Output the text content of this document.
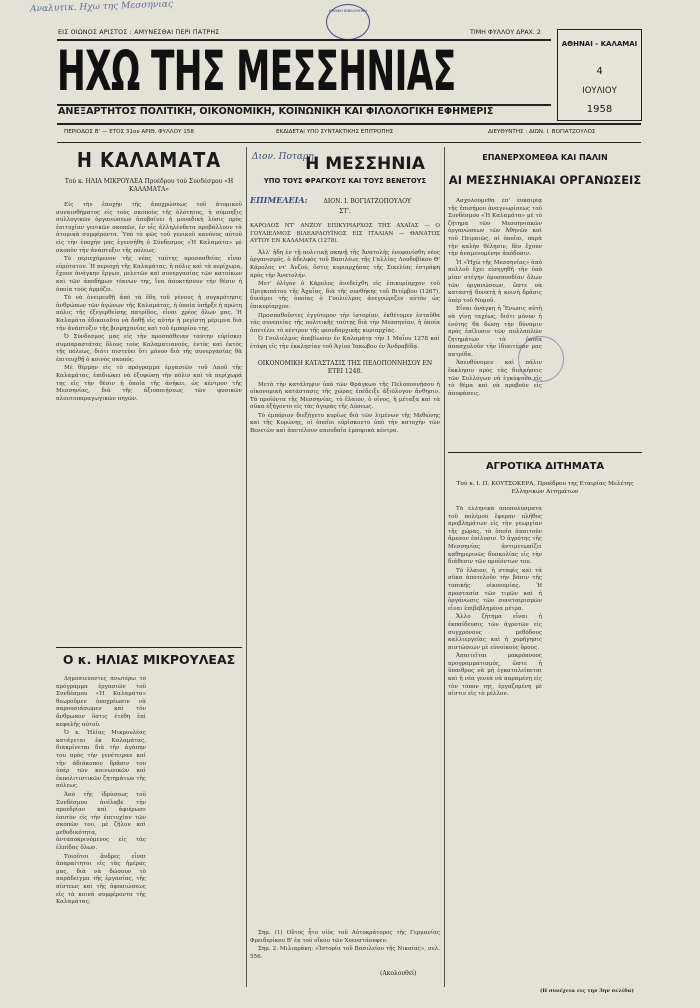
Αναλυτικ. Ηχω της Μεσσηνιας
ΕΙΣ ΟΙΩΝΟΣ ΑΡΙΣΤΟΣ : ΑΜΥΝΕΣΘΑΙ ΠΕΡΙ ΠΑΤΡΗΣ	ΤΙΜΗ ΦΥΛΛΟΥ ΔΡΑΧ. 2
ΕΘΝΙΚΗ ΒΙΒΛΙΟΘΗΚΗ
ΗΧΩ ΤΗΣ ΜΕΣΣΗΝΙΑΣ	ΑΘΗΝΑΙ - ΚΑΛΑΜΑΙ
4
ΙΟΥΛΙΟΥ
1958
ΑΝΕΞΑΡΤΗΤΟΣ ΠΟΛΙΤΙΚΗ, ΟΙΚΟΝΟΜΙΚΗ, ΚΟΙΝΩΝΙΚΗ ΚΑΙ ΦΙΛΟΛΟΓΙΚΗ ΕΦΗΜΕΡΙΣ
ΠΕΡΙΟΔΟΣ Β' — ΕΤΟΣ 31ον ΑΡΙΘ. ΦΥΛΛΟΥ 158	ΕΚΔΙΔΕΤΑΙ ΥΠΟ ΣΥΝΤΑΚΤΙΚΗΣ ΕΠΙΤΡΟΠΗΣ	ΔΙΕΥΘΥΝΤΗΣ : ΔΙΩΝ. Ι. ΒΟΓΙΑΤΖΟΥΛΟΣ
Η ΚΑΛΑΜΑΤΑ
Τού κ. ΗΛΙΑ ΜΙΚΡΟΥΛΕΑ Προέδρου τού Συνδέσμου «Η ΚΑΛΑΜΑΤΑ»

Εἰς τὴν ἐποχὴν τῆς ἀποχρώσεως τοῦ ἀτομικοῦ συναισθήματος εἰς τοὺς σκοποὺς τῆς ὁλότητος, ἡ σύμπηξις συλλογικῶν ὀργανώσεων ἀποβαίνει ἡ μοναδικὴ λύσις πρὸς ἐπιτυχίαν γενικῶν σκοπῶν, ἐν οἷς ἀλληλένδετα προβάλλουν τὰ ἀτομικὰ συμφέροντα. Ὑπὸ τὸ φῶς τοῦ γενικοῦ κανόνος αὐτοῦ εἰς τὴν ἐποχήν μας ἐγεννήθη ὁ Σύνδεσμος «Ἡ Καλαμάτα» μὲ σκοπὸν τὴν ἀνάπτυξιν τῆς πόλεως.

Τὸ περιεχόμενον τῆς νέας ταύτης προσπαθείας εἶναι εὐρύτατον. Ἡ περιοχὴ τῆς Καλαμάτας, ἡ πόλις καὶ τὰ περίχωρα, ἔχουν ἀνάγκην ἔργων, μελετῶν καὶ συνεργασίας τῶν κατοίκων καὶ τῶν ἀποδήμων τέκνων της, ἵνα ἀποκτήσουν τὴν θέσιν ἡ ὁποία τοὺς ἁρμόζει.

Τὸ νὰ ὀνειρευθῇ ἀπὸ τὰ ἔδη τοῦ γένους ἡ συγκρότησις ἀνθρώπων τῶν ἀγώνων τῆς Καλαμάτας, ἡ ὁποία ὑπῆρξε ἡ πρώτη πόλις τῆς ἐξεγερθείσης πατρίδος, εἶναι χρέος ὅλων μας. Ἡ Καλαμάτα ἐδικαιοῦτο νὰ δοθῇ εἰς αὐτὴν ἡ μεγίστη μέριμνα διὰ τὴν ἀνάπτυξιν τῆς βιομηχανίας καὶ τοῦ ἐμπορίου της.

Ὁ Σύνδεσμος μας εἰς τὴν προσπάθειαν ταύτην εὑρίσκει συμπαραστάτας ὅλους τοὺς Καλαματιανούς, ἐντὸς καὶ ἐκτὸς τῆς πόλεως, διότι πιστεύει ὅτι μόνον διὰ τῆς συνεργασίας θὰ ἐπιτευχθῇ ὁ κοινὸς σκοπός.

Μὲ θέρμην εἰς τὸ πρόγραμμα ἐργασιῶν τοῦ Λαοῦ τῆς Καλαμάτας, ἐπιδιώκει νὰ ἐξυψώσῃ τὴν πόλιν καὶ τὰ περίχωρά της εἰς τὴν θέσιν ἡ ὁποία τῆς ἀνήκει, ὡς κέντρον τῆς Μεσσηνίας, διὰ τῆς ἀξιοποιήσεως τῶν φυσικῶν πλουτοπαραγωγικῶν πηγῶν.

Ο κ. ΗΛΙΑΣ ΜΙΚΡΟΥΛΕΑΣ

Δημοσιεύοντες ἀνωτέρω τὸ πρόγραμμα ἐργασιῶν τοῦ Συνδέσμου «Ἡ Καλαμάτα» θεωροῦμεν ὑποχρέωσιν νὰ παρουσιάσωμεν καὶ τὸν ἄνθρωπον ὅστις ἐτέθη ἐπὶ κεφαλῆς αὐτοῦ.

Ὁ κ. Ἠλίας Μικρουλέας κατάγεται ἐκ Καλαμάτας, διακρίνεται διὰ τὴν ἀγάπην του πρὸς τὴν γενέτειραν καὶ τὴν ἀδιάκοπον δρᾶσιν του ὑπὲρ τῶν κοινωνικῶν καὶ ἐκπολιτιστικῶν ζητημάτων τῆς πόλεως.

Ἀπὸ τῆς ἱδρύσεως τοῦ Συνδέσμου ἀνέλαβε τὴν προεδρίαν καὶ ἀφιέρωσε ἑαυτὸν εἰς τὴν ἐπιτυχίαν τῶν σκοπῶν του, μὲ ζῆλον καὶ μεθοδικότητα, ἀνταποκρινόμενος εἰς τὰς ἐλπίδας ὅλων.

Τοιοῦτοι ἄνδρες εἶναι ἀπαραίτητοι εἰς τὰς ἡμέρας μας, διὰ νὰ δώσουν τὸ παράδειγμα τῆς ἐργασίας, τῆς πίστεως καὶ τῆς ἀφοσιώσεως εἰς τὰ κοινὰ συμφέροντα τῆς Καλαμάτας.

Διον. Ποταρη
Η ΜΕΣΣΗΝΙΑ
ΥΠΟ ΤΟΥΣ ΦΡΑΓΚΟΥΣ ΚΑΙ ΤΟΥΣ ΒΕΝΕΤΟΥΣ
ΕΠΙΜΕΛΕΙΑ:	ΔΙΟΝ. Ι. ΒΟΓΙΑΤΖΟΠΟΥΛΟΥ
ΣΤ'.
ΚΑΡΟΛΟΣ ΝΤ' ΑΝΖΟΥ ΕΠΙΚΥΡΙΑΡΧΟΣ ΤΗΣ ΑΧΑΪΑΣ — Ο ΓΟΥΛΙΕΛΜΟΣ ΒΙΛΕΑΡΔΟΥΪΝΟΣ ΕΙΣ ΙΤΑΛΙΑΝ — ΘΑΝΑΤΟΣ ΑΥΤΟΥ ΕΝ ΚΑΛΑΜΑΤΑ (1278).

Ἀλλ' ἤδη ἐν τῇ πολιτικῇ σκηνῇ τῆς Ἀνατολῆς ἐνεφανίσθη νέος ὀργανισμός, ὁ ἀδελφὸς τοῦ Βασιλέως τῆς Γαλλίας Λουδοβίκου Θ' Κάρολος ντ' Ἀνζού, ὅστις κυριαρχήσας τῆς Σικελίας ἐστράφη πρὸς τὴν Ἀνατολήν.

Μετ' ὀλίγον ὁ Κάρολος ἀνεδείχθη εἰς ἐπικυρίαρχον τοῦ Πριγκιπάτου τῆς Ἀχαΐας, διὰ τῆς συνθήκης τοῦ Βιτέρβου (1267), δυνάμει τῆς ὁποίας ὁ Γουλιέλμος ἀνεγνώριζεν αὐτὸν ὡς ἐπικυρίαρχον.

Προσπαθοῦντες ἐγγύτερον τὴν ἱστορίαν, ἐκθέτομεν ἐνταῦθα τὰς συνεπείας τῆς πολιτικῆς ταύτης διὰ τὴν Μεσσηνίαν, ἡ ὁποία ἀπετέλει τὸ κέντρον τῆς φεουδαρχικῆς κυριαρχίας.

Ὁ Γουλιέλμος ἀπεβίωσεν ἐν Καλαμάτᾳ τὴν 1 Μαΐου 1278 καὶ ἐτάφη εἰς τὴν ἐκκλησίαν τοῦ Ἁγίου Ἰακώβου ἐν Ἀνδραβίδᾳ.

ΟΙΚΟΝΟΜΙΚΗ ΚΑΤΑΣΤΑΣΙΣ ΤΗΣ ΠΕΛΟΠΟΝΝΗΣΟΥ ΕΝ ΕΤΕΙ 1248.

Μετὰ τὴν κατάληψιν ὑπὸ τῶν Φράγκων τῆς Πελοποννήσου ἡ οἰκονομικὴ κατάστασις τῆς χώρας ἐπέδειξε ἀξιόλογον ἄνθησιν. Τὰ προϊόντα τῆς Μεσσηνίας, τὸ ἔλαιον, ὁ οἶνος, ἡ μέταξα καὶ τὰ σῦκα ἐξήγοντο εἰς τὰς ἀγορὰς τῆς Δύσεως.

Τὸ ἐμπόριον διεξήγετο κυρίως διὰ τῶν λιμένων τῆς Μεθώνης καὶ τῆς Κορώνης, οἱ ὁποῖοι εὑρίσκοντο ὑπὸ τὴν κατοχὴν τῶν Βενετῶν καὶ ἀπετέλουν σπουδαῖα ἐμπορικὰ κέντρα.

Σημ. (1) Οὕτος ἦτο υἱὸς τοῦ Αὐτοκράτορος τῆς Γερμανίας Φρειδερίκου Β' ἐκ τοῦ οἴκου τῶν Χοενστάουφεν.

Σημ. 2. Μιλιαράκη: «Ἱστορία τοῦ Βασιλείου τῆς Νικαίας», σελ. 556.

(Ακολουθεί)
ΕΠΑΝΕΡΧΟΜΕΘΑ ΚΑΙ ΠΑΛΙΝ
ΑΙ ΜΕΣΣΗΝΙΑΚΑΙ ΟΡΓΑΝΩΣΕΙΣ

Ἀσχολούμεθα ἐπ' εὐκαιρίᾳ τῆς ἐπισήμου ἀναγνωρίσεως τοῦ Συνδέσμου «Ἡ Καλαμάτα» μὲ τὸ ζήτημα τῶν Μεσσηνιακῶν ὀργανώσεων τῶν Ἀθηνῶν καὶ τοῦ Πειραιῶς, αἱ ὁποῖαι, παρὰ τὴν καλὴν θέλησιν, δὲν ἔχουν τὴν ἀναμενομένην ἀπόδοσιν.

Ἡ «Ἠχὼ τῆς Μεσσηνίας» ἀπὸ πολλοῦ ἔχει εἰσηγηθῆ τὴν ὑπὸ μίαν στέγην ὁμοσπονδίαν ὅλων τῶν ὀργανώσεων, ὥστε νὰ καταστῇ δυνατὴ ἡ κοινὴ δρᾶσις ὑπὲρ τοῦ Νομοῦ.

Εἶναι ἀνάγκη ἡ Ἕνωσις αὐτὴ νὰ γίνῃ ταχέως, διότι μόνον ἡ ἑνότης θὰ δώσῃ τὴν δύναμιν πρὸς ἐπίλυσιν τῶν πολλαπλῶν ζητημάτων τὰ ὁποῖα ἀπασχολοῦν τὴν ἰδιαιτέραν μας πατρίδα.

Ἀπευθύνομεν καὶ πάλιν ἔκκλησιν πρὸς τὰς διοικήσεις τῶν Συλλόγων νὰ ἐγκύψουν εἰς τὸ θέμα καὶ νὰ προβοῦν εἰς ἀποφάσεις.

ΑΓΡΟΤΙΚΑ ΔΙΤΗΜΑΤΑ
Τού κ. Ι. Π. ΚΟΥΤΣΟΚΕΡΑ, Προέδρου της Εταιρίας Μελέτης Ελληνικών Αιτημάτων

Τὰ ἐλληνικὰ ἀποπολύσματα τοῦ πολέμου ἔφεραν πλῆθος προβλημάτων εἰς τὴν γεωργίαν τῆς χώρας, τὰ ὁποῖα ἀπαιτοῦν ἄμεσον ἐπίλυσιν. Ὁ ἀγρότης τῆς Μεσσηνίας ἀντιμετωπίζει καθημερινῶς δυσκολίας εἰς τὴν διάθεσιν τῶν προϊόντων του.

Τὸ ἔλαιον, ἡ σταφὶς καὶ τὰ σῦκα ἀποτελοῦν τὴν βάσιν τῆς τοπικῆς οἰκονομίας. Ἡ προστασία τῶν τιμῶν καὶ ἡ ὀργάνωσις τῶν συνεταιρισμῶν εἶναι ἐπιβεβλημένα μέτρα.

Ἄλλο ζήτημα εἶναι ἡ ἐκπαίδευσις τῶν ἀγροτῶν εἰς συγχρόνους μεθόδους καλλιεργείας καὶ ἡ χορήγησις πιστώσεων μὲ εὐνοϊκοὺς ὅρους.

Ἀπαιτεῖται μακρόπνοος προγραμματισμός, ὥστε ἡ ὕπαιθρος νὰ μὴ ἐγκαταλείπεται καὶ ἡ νέα γενεὰ νὰ παραμένῃ εἰς τὸν τόπον της, ἐργαζομένη μὲ πίστιν εἰς τὸ μέλλον.

(Η συνέχεια εις την 3ην σελίδα)
